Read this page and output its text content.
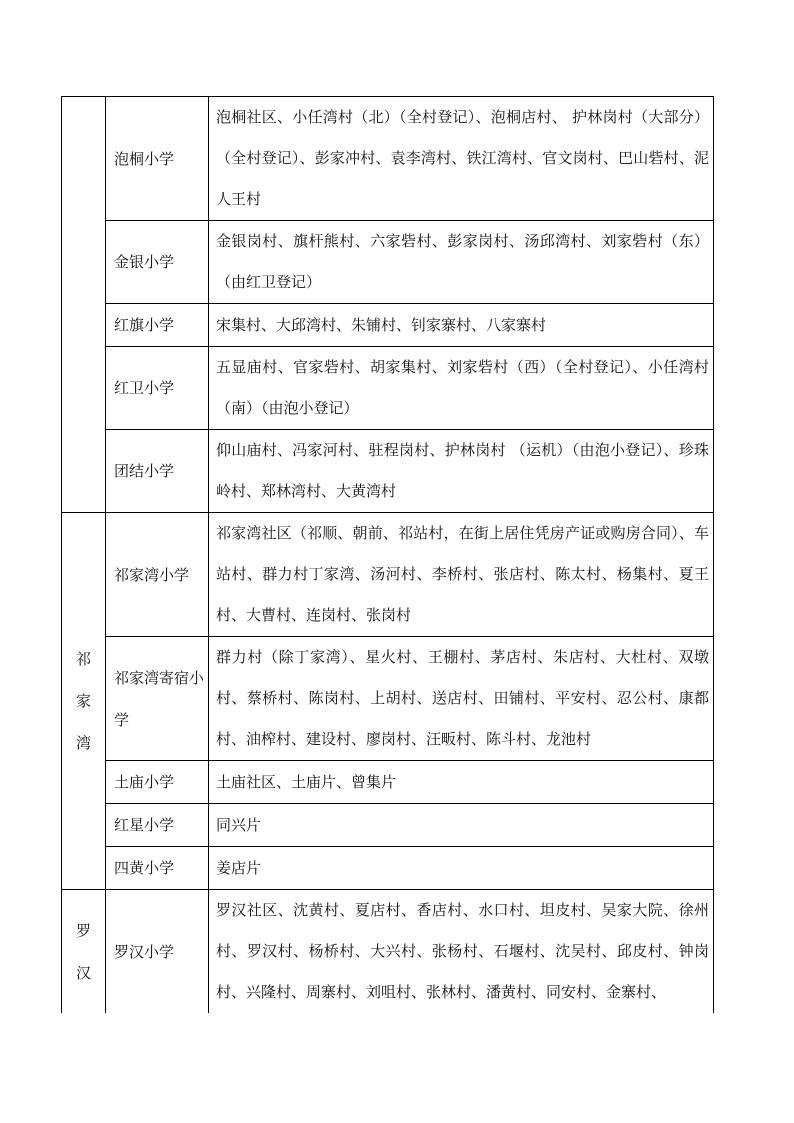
	泡桐小学	泡桐社区、小任湾村（北）（全村登记）、泡桐店村、 护林岗村（大部分）（全村登记）、彭家冲村、袁李湾村、铁江湾村、官文岗村、巴山砦村、泥人王村
	金银小学	金银岗村、旗杆熊村、六家砦村、彭家岗村、汤邱湾村、刘家砦村（东）（由红卫登记）
	红旗小学	宋集村、大邱湾村、朱铺村、钊家寨村、八家寨村
	红卫小学	五显庙村、官家砦村、胡家集村、刘家砦村（西）（全村登记）、小任湾村（南）（由泡小登记）
	团结小学	仰山庙村、冯家河村、驻程岗村、护林岗村 （运机）（由泡小登记）、珍珠岭村、郑林湾村、大黄湾村

祁
家
湾	祁家湾小学	祁家湾社区（祁顺、朝前、祁站村，在街上居住凭房产证或购房合同）、车站村、群力村丁家湾、汤河村、李桥村、张店村、陈太村、杨集村、夏王村、大曹村、连岗村、张岗村
	祁家湾寄宿小学	群力村（除丁家湾）、星火村、王棚村、茅店村、朱店村、大杜村、双墩村、蔡桥村、陈岗村、上胡村、送店村、田铺村、平安村、忍公村、康都村、油榨村、建设村、廖岗村、汪畈村、陈斗村、龙池村
	土庙小学	土庙社区、土庙片、曾集片
	红星小学	同兴片
	四黄小学	姜店片

罗
汉	罗汉小学	罗汉社区、沈黄村、夏店村、香店村、水口村、坦皮村、吴家大院、徐州村、罗汉村、杨桥村、大兴村、张杨村、石堰村、沈吴村、邱皮村、钟岗村、兴隆村、周寨村、刘咀村、张林村、潘黄村、同安村、金寨村、
